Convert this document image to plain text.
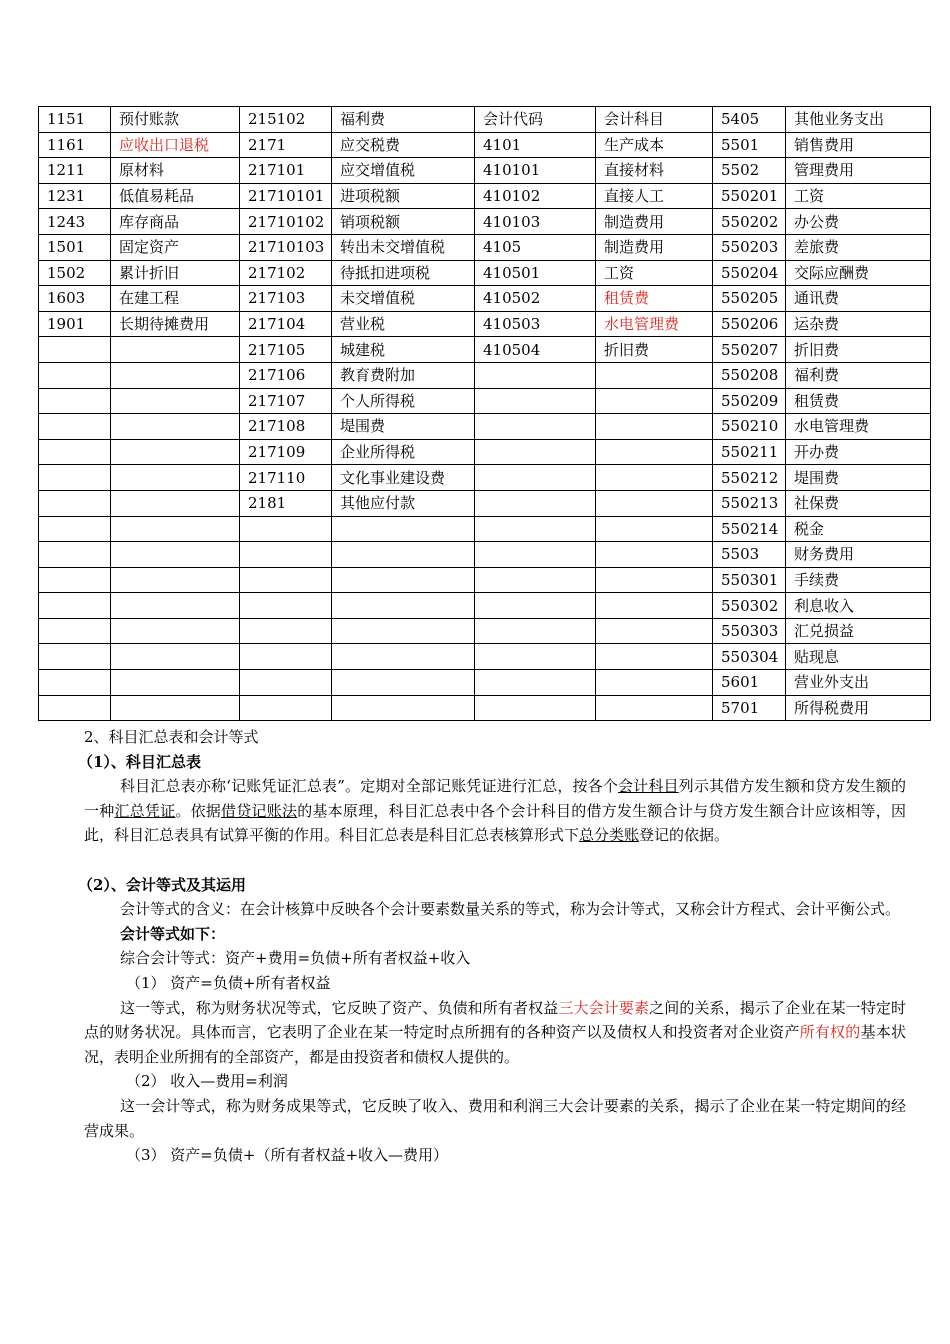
1151	预付账款	215102	福利费	会计代码	会计科目	5405	其他业务支出
1161	应收出口退税	2171	应交税费	4101	生产成本	5501	销售费用
1211	原材料	217101	应交增值税	410101	直接材料	5502	管理费用
1231	低值易耗品	21710101	进项税额	410102	直接人工	550201	工资
1243	库存商品	21710102	销项税额	410103	制造费用	550202	办公费
1501	固定资产	21710103	转出未交增值税	4105	制造费用	550203	差旅费
1502	累计折旧	217102	待抵扣进项税	410501	工资	550204	交际应酬费
1603	在建工程	217103	未交增值税	410502	租赁费	550205	通讯费
1901	长期待摊费用	217104	营业税	410503	水电管理费	550206	运杂费
		217105	城建税	410504	折旧费	550207	折旧费
		217106	教育费附加			550208	福利费
		217107	个人所得税			550209	租赁费
		217108	堤围费			550210	水电管理费
		217109	企业所得税			550211	开办费
		217110	文化事业建设费			550212	堤围费
		2181	其他应付款			550213	社保费
						550214	税金
						5503	财务费用
						550301	手续费
						550302	利息收入
						550303	汇兑损益
						550304	贴现息
						5601	营业外支出
						5701	所得税费用

2、科目汇总表和会计等式

（1）、科目汇总表

科目汇总表亦称‘记账凭证汇总表”。定期对全部记账凭证进行汇总，按各个会计科目列示其借方发生额和贷方发生额的一种汇总凭证。依据借贷记账法的基本原理，科目汇总表中各个会计科目的借方发生额合计与贷方发生额合计应该相等，因此，科目汇总表具有试算平衡的作用。科目汇总表是科目汇总表核算形式下总分类账登记的依据。

（2）、会计等式及其运用

会计等式的含义：在会计核算中反映各个会计要素数量关系的等式，称为会计等式，又称会计方程式、会计平衡公式。

会计等式如下：

综合会计等式：资产+费用=负债+所有者权益+收入

（1） 资产=负债+所有者权益

这一等式，称为财务状况等式，它反映了资产、负债和所有者权益三大会计要素之间的关系，揭示了企业在某一特定时点的财务状况。具体而言，它表明了企业在某一特定时点所拥有的各种资产以及债权人和投资者对企业资产所有权的基本状况，表明企业所拥有的全部资产，都是由投资者和债权人提供的。

（2） 收入—费用=利润

这一会计等式，称为财务成果等式，它反映了收入、费用和利润三大会计要素的关系，揭示了企业在某一特定期间的经营成果。

（3） 资产=负债+（所有者权益+收入—费用）
